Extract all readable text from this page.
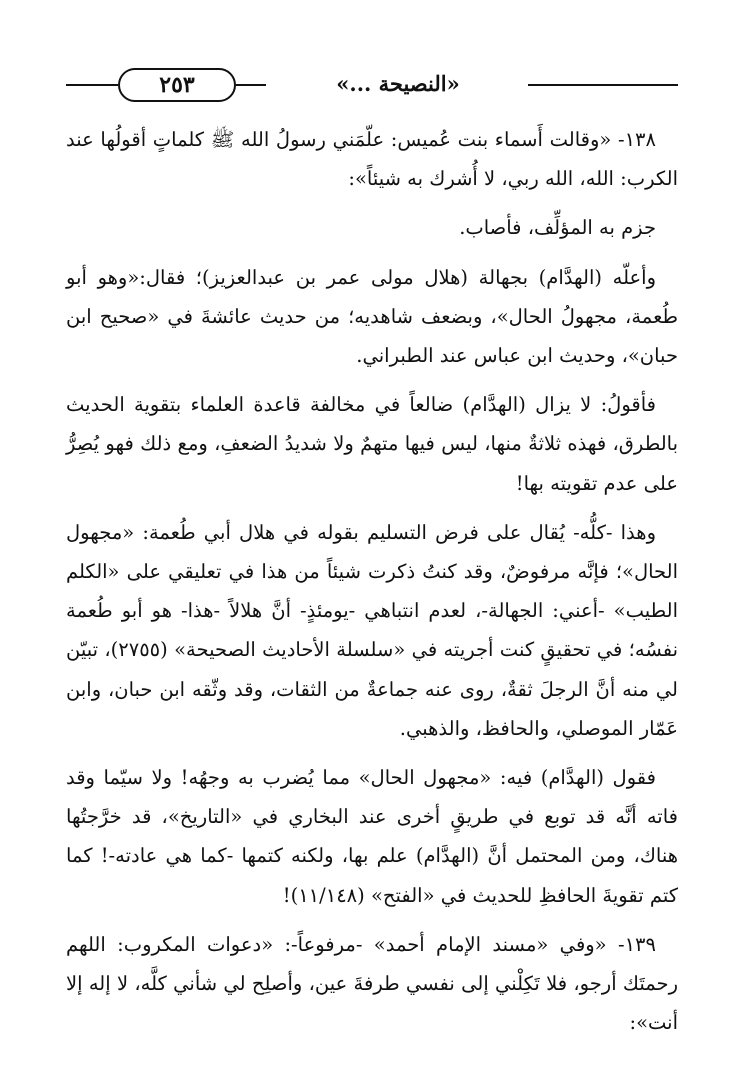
٢٥٣	«النصيحة ...»

١٣٨- «وقالت أَسماء بنت عُميس: علّمَني رسولُ الله ﷺ كلماتٍ أقولُها عند الكرب: الله، الله ربي، لا أُشرك به شيئاً»:

جزم به المؤلِّف، فأصاب.

وأعلّه (الهدَّام) بجهالة (هلال مولى عمر بن عبدالعزيز)؛ فقال:«وهو أبو طُعمة، مجهولُ الحال»، وبضعف شاهديه؛ من حديث عائشةَ في «صحيح ابن حبان»، وحديث ابن عباس عند الطبراني.

فأقولُ: لا يزال (الهدَّام) ضالعاً في مخالفة قاعدة العلماء بتقوية الحديث بالطرق، فهذه ثلاثةٌ منها، ليس فيها متهمٌ ولا شديدُ الضعفِ، ومع ذلك فهو يُصِرُّ على عدم تقويته بها!

وهذا -كلُّه- يُقال على فرض التسليم بقوله في هلال أبي طُعمة: «مجهول الحال»؛ فإنَّه مرفوضٌ، وقد كنتُ ذكرت شيئاً من هذا في تعليقي على «الكلم الطيب» -أعني: الجهالة-، لعدم انتباهي -يومئذٍ- أنَّ هلالاً -هذا- هو أبو طُعمة نفسُه؛ في تحقيقٍ كنت أجريته في «سلسلة الأحاديث الصحيحة» (٢٧٥٥)، تبيّن لي منه أنَّ الرجلَ ثقةٌ، روى عنه جماعةٌ من الثقات، وقد وثّقه ابن حبان، وابن عَمّار الموصلي، والحافظ، والذهبي.

فقول (الهدَّام) فيه: «مجهول الحال» مما يُضرب به وجهُه! ولا سيّما وقد فاته أنَّه قد توبع في طريقٍ أخرى عند البخاري في «التاريخ»، قد خرَّجتُها هناك، ومن المحتمل أنَّ (الهدَّام) علم بها، ولكنه كتمها -كما هي عادته-! كما كتم تقويةَ الحافظِ للحديث في «الفتح» (١١/١٤٨)!

١٣٩- «وفي «مسند الإمام أحمد» -مرفوعاً-: «دعوات المكروب: اللهم رحمتَك أرجو، فلا تَكِلْني إلى نفسي طرفةَ عين، وأصلِح لي شأني كلَّه، لا إله إلا أنت»:
